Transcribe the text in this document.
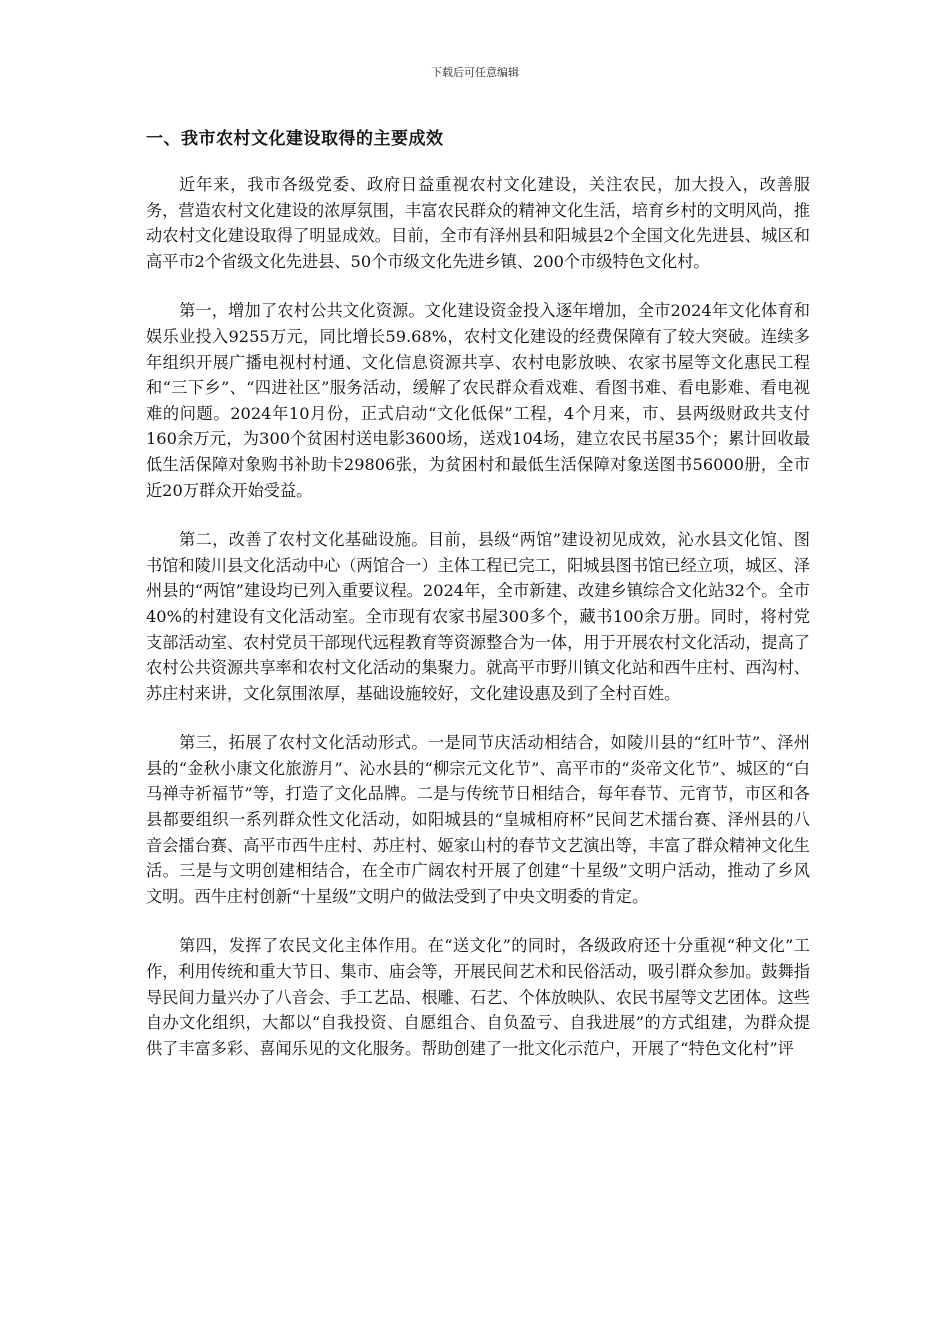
下载后可任意编辑
一、我市农村文化建设取得的主要成效

近年来，我市各级党委、政府日益重视农村文化建设，关注农民，加大投入，改善服务，营造农村文化建设的浓厚氛围，丰富农民群众的精神文化生活，培育乡村的文明风尚，推动农村文化建设取得了明显成效。目前，全市有泽州县和阳城县2个全国文化先进县、城区和高平市2个省级文化先进县、50个市级文化先进乡镇、200个市级特色文化村。

第一，增加了农村公共文化资源。文化建设资金投入逐年增加，全市2024年文化体育和娱乐业投入9255万元，同比增长59.68%，农村文化建设的经费保障有了较大突破。连续多年组织开展广播电视村村通、文化信息资源共享、农村电影放映、农家书屋等文化惠民工程和“三下乡”、“四进社区”服务活动，缓解了农民群众看戏难、看图书难、看电影难、看电视难的问题。2024年10月份，正式启动“文化低保”工程，4个月来，市、县两级财政共支付160余万元，为300个贫困村送电影3600场，送戏104场，建立农民书屋35个；累计回收最低生活保障对象购书补助卡29806张，为贫困村和最低生活保障对象送图书56000册，全市近20万群众开始受益。

第二，改善了农村文化基础设施。目前，县级“两馆”建设初见成效，沁水县文化馆、图书馆和陵川县文化活动中心（两馆合一）主体工程已完工，阳城县图书馆已经立项，城区、泽州县的“两馆”建设均已列入重要议程。2024年，全市新建、改建乡镇综合文化站32个。全市40%的村建设有文化活动室。全市现有农家书屋300多个，藏书100余万册。同时，将村党支部活动室、农村党员干部现代远程教育等资源整合为一体，用于开展农村文化活动，提高了农村公共资源共享率和农村文化活动的集聚力。就高平市野川镇文化站和西牛庄村、西沟村、苏庄村来讲，文化氛围浓厚，基础设施较好，文化建设惠及到了全村百姓。

第三，拓展了农村文化活动形式。一是同节庆活动相结合，如陵川县的“红叶节”、泽州县的“金秋小康文化旅游月”、沁水县的“柳宗元文化节”、高平市的“炎帝文化节”、城区的“白马禅寺祈福节”等，打造了文化品牌。二是与传统节日相结合，每年春节、元宵节，市区和各县都要组织一系列群众性文化活动，如阳城县的“皇城相府杯”民间艺术擂台赛、泽州县的八音会擂台赛、高平市西牛庄村、苏庄村、姬家山村的春节文艺演出等，丰富了群众精神文化生活。三是与文明创建相结合，在全市广阔农村开展了创建“十星级”文明户活动，推动了乡风文明。西牛庄村创新“十星级”文明户的做法受到了中央文明委的肯定。

第四，发挥了农民文化主体作用。在“送文化”的同时，各级政府还十分重视“种文化”工作，利用传统和重大节日、集市、庙会等，开展民间艺术和民俗活动，吸引群众参加。鼓舞指导民间力量兴办了八音会、手工艺品、根雕、石艺、个体放映队、农民书屋等文艺团体。这些自办文化组织，大都以“自我投资、自愿组合、自负盈亏、自我进展”的方式组建，为群众提供了丰富多彩、喜闻乐见的文化服务。帮助创建了一批文化示范户，开展了“特色文化村”评
